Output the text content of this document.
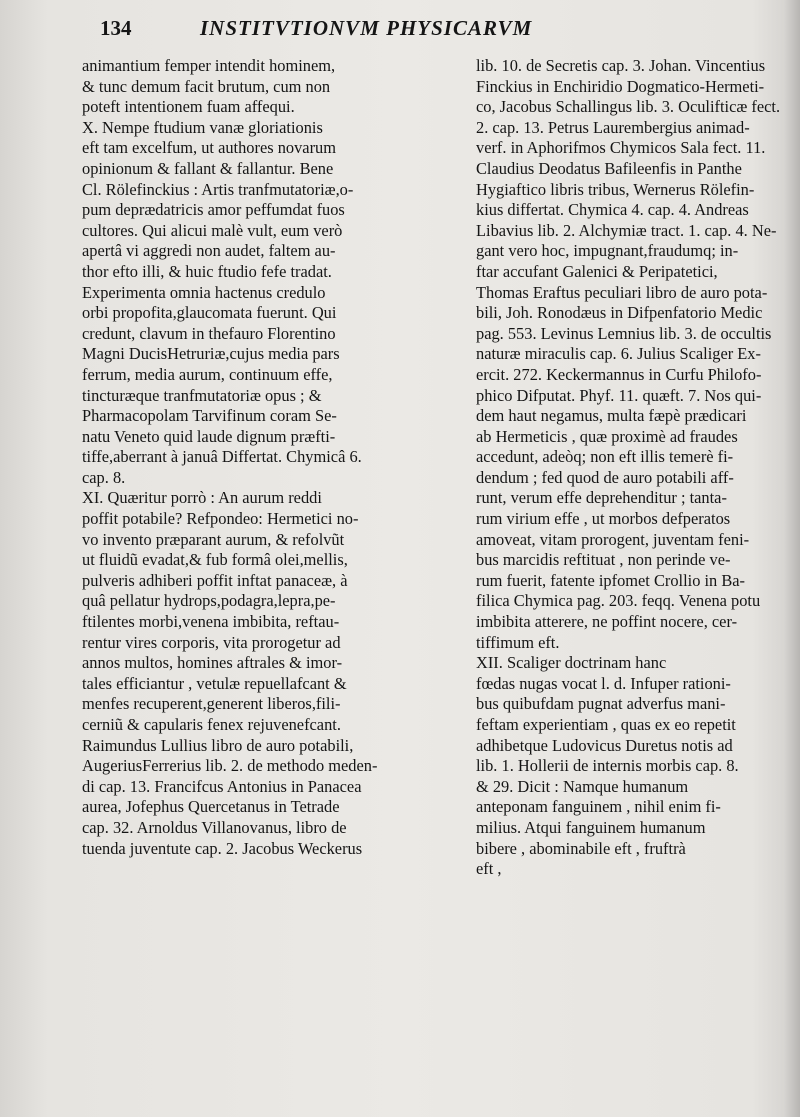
134	INSTITVTIONVM PHYSICARVM
animantium femper intendit hominem,
& tunc demum facit brutum, cum non
poteft intentionem fuam affequi.
X. Nempe ftudium vanæ gloriationis
eft tam excelfum, ut authores novarum
opinionum & fallant & fallantur. Bene
Cl. Rölefinckius : Artis tranfmutatoriæ,o-
pum deprædatricis amor peffumdat fuos
cultores. Qui alicui malè vult, eum verò
apertâ vi aggredi non audet, faltem au-
thor efto illi, & huic ftudio fefe tradat.
Experimenta omnia hactenus credulo
orbi propofita,glaucomata fuerunt. Qui
credunt, clavum in thefauro Florentino
Magni DucisHetruriæ,cujus media pars
ferrum, media aurum, continuum effe,
tincturæque tranfmutatoriæ opus ; &
Pharmacopolam Tarvifinum coram Se-
natu Veneto quid laude dignum præfti-
tiffe,aberrant à januâ Differtat. Chymicâ 6.
cap. 8.
XI. Quæritur porrò : An aurum reddi
poffit potabile? Refpondeo: Hermetici no-
vo invento præparant aurum, & refolvũt
ut fluidũ evadat,& fub formâ olei,mellis,
pulveris adhiberi poffit inftat panaceæ, à
quâ pellatur hydrops,podagra,lepra,pe-
ftilentes morbi,venena imbibita, reftau-
rentur vires corporis, vita prorogetur ad
annos multos, homines aftrales & imor-
tales efficiantur , vetulæ repuellafcant &
menfes recuperent,generent liberos,fili-
cerniũ & capularis fenex rejuvenefcant.
Raimundus Lullius libro de auro potabili,
AugeriusFerrerius lib. 2. de methodo meden-
di cap. 13. Francifcus Antonius in Panacea
aurea, Jofephus Quercetanus in Tetrade
cap. 32. Arnoldus Villanovanus, libro de
tuenda juventute cap. 2. Jacobus Weckerus
lib. 10. de Secretis cap. 3. Johan. Vincentius
Finckius in Enchiridio Dogmatico-Hermeti-
co, Jacobus Schallingus lib. 3. Oculifticæ fect.
2. cap. 13. Petrus Laurembergius animad-
verf. in Aphorifmos Chymicos Sala fect. 11.
Claudius Deodatus Bafileenfis in Panthe
Hygiaftico libris tribus, Wernerus Rölefin-
kius differtat. Chymica 4. cap. 4. Andreas
Libavius lib. 2. Alchymiæ tract. 1. cap. 4. Ne-
gant vero hoc, impugnant,fraudumq; in-
ftar accufant Galenici & Peripatetici,
Thomas Eraftus peculiari libro de auro pota-
bili, Joh. Ronodæus in Difpenfatorio Medic
pag. 553. Levinus Lemnius lib. 3. de occultis
naturæ miraculis cap. 6. Julius Scaliger Ex-
ercit. 272. Keckermannus in Curfu Philofo-
phico Difputat. Phyf. 11. quæft. 7. Nos qui-
dem haut negamus, multa fæpè prædicari
ab Hermeticis , quæ proximè ad fraudes
accedunt, adeòq; non eft illis temerè fi-
dendum ; fed quod de auro potabili aff-
runt, verum effe deprehenditur ; tanta-
rum virium effe , ut morbos defperatos
amoveat, vitam prorogent, juventam feni-
bus marcidis reftituat , non perinde ve-
rum fuerit, fatente ipfomet Crollio in Ba-
filica Chymica pag. 203. feqq. Venena potu
imbibita atterere, ne poffint nocere, cer-
tiffimum eft.
XII. Scaliger doctrinam hanc
fœdas nugas vocat l. d. Infuper rationi-
bus quibufdam pugnat adverfus mani-
feftam experientiam , quas ex eo repetit
adhibetque Ludovicus Duretus notis ad
lib. 1. Hollerii de internis morbis cap. 8.
& 29. Dicit : Namque humanum
anteponam fanguinem , nihil enim fi-
milius. Atqui fanguinem humanum
bibere , abominabile eft , fruftrà
eft ,
